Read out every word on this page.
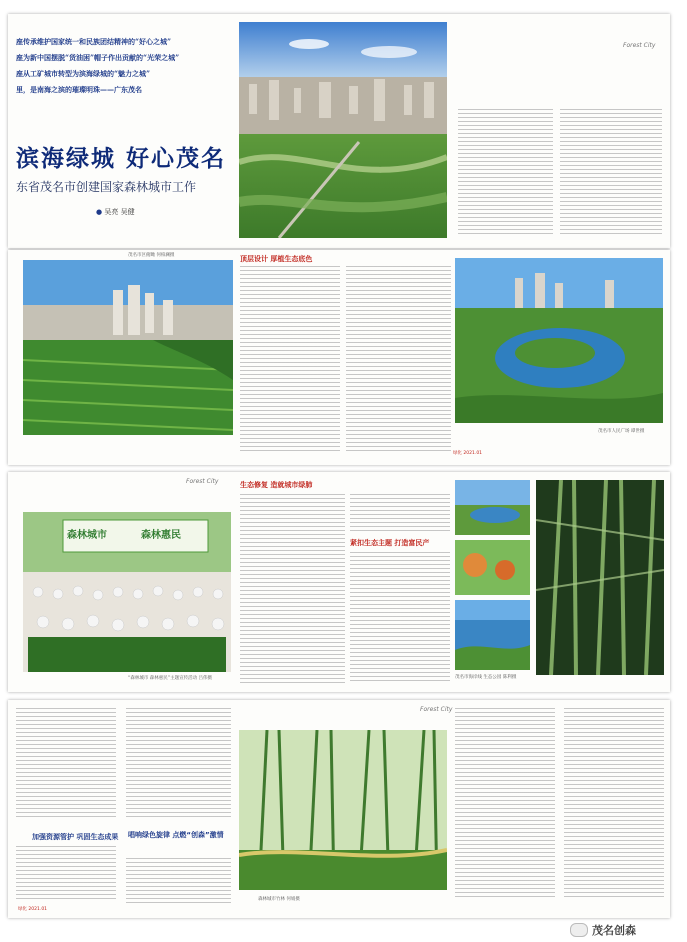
座传承维护国家统一和民族团结精神的“好心之城”
座为新中国摆脱“货油困”帽子作出贡献的“光荣之城”
座从工矿城市转型为滨海绿城的“魅力之城”
里，是南海之滨的璀璨明珠——广东茂名
滨海绿城 好心茂名
东省茂名市创建国家森林城市工作
● 吴亮 吴健
Forest City
茂名市区俯瞰 何柏澜摄	顶层设计 厚植生态底色
茂名市人民广场 谭世摄
绿化 2021.01
Forest City
森林城市	森林惠民
“森林城市 森林惠民”主题宣传活动 吕伟摄
生态修复 造就城市绿肺
紧扣生态主题 打造富民产
茂名市海岸线 生态公园 陈利摄
加强资源管护 巩固生态成果 唱响绿色旋律 点燃“创森”激情
绿化 2021.01
Forest City
森林城市竹林 何娟摄
茂名创森
